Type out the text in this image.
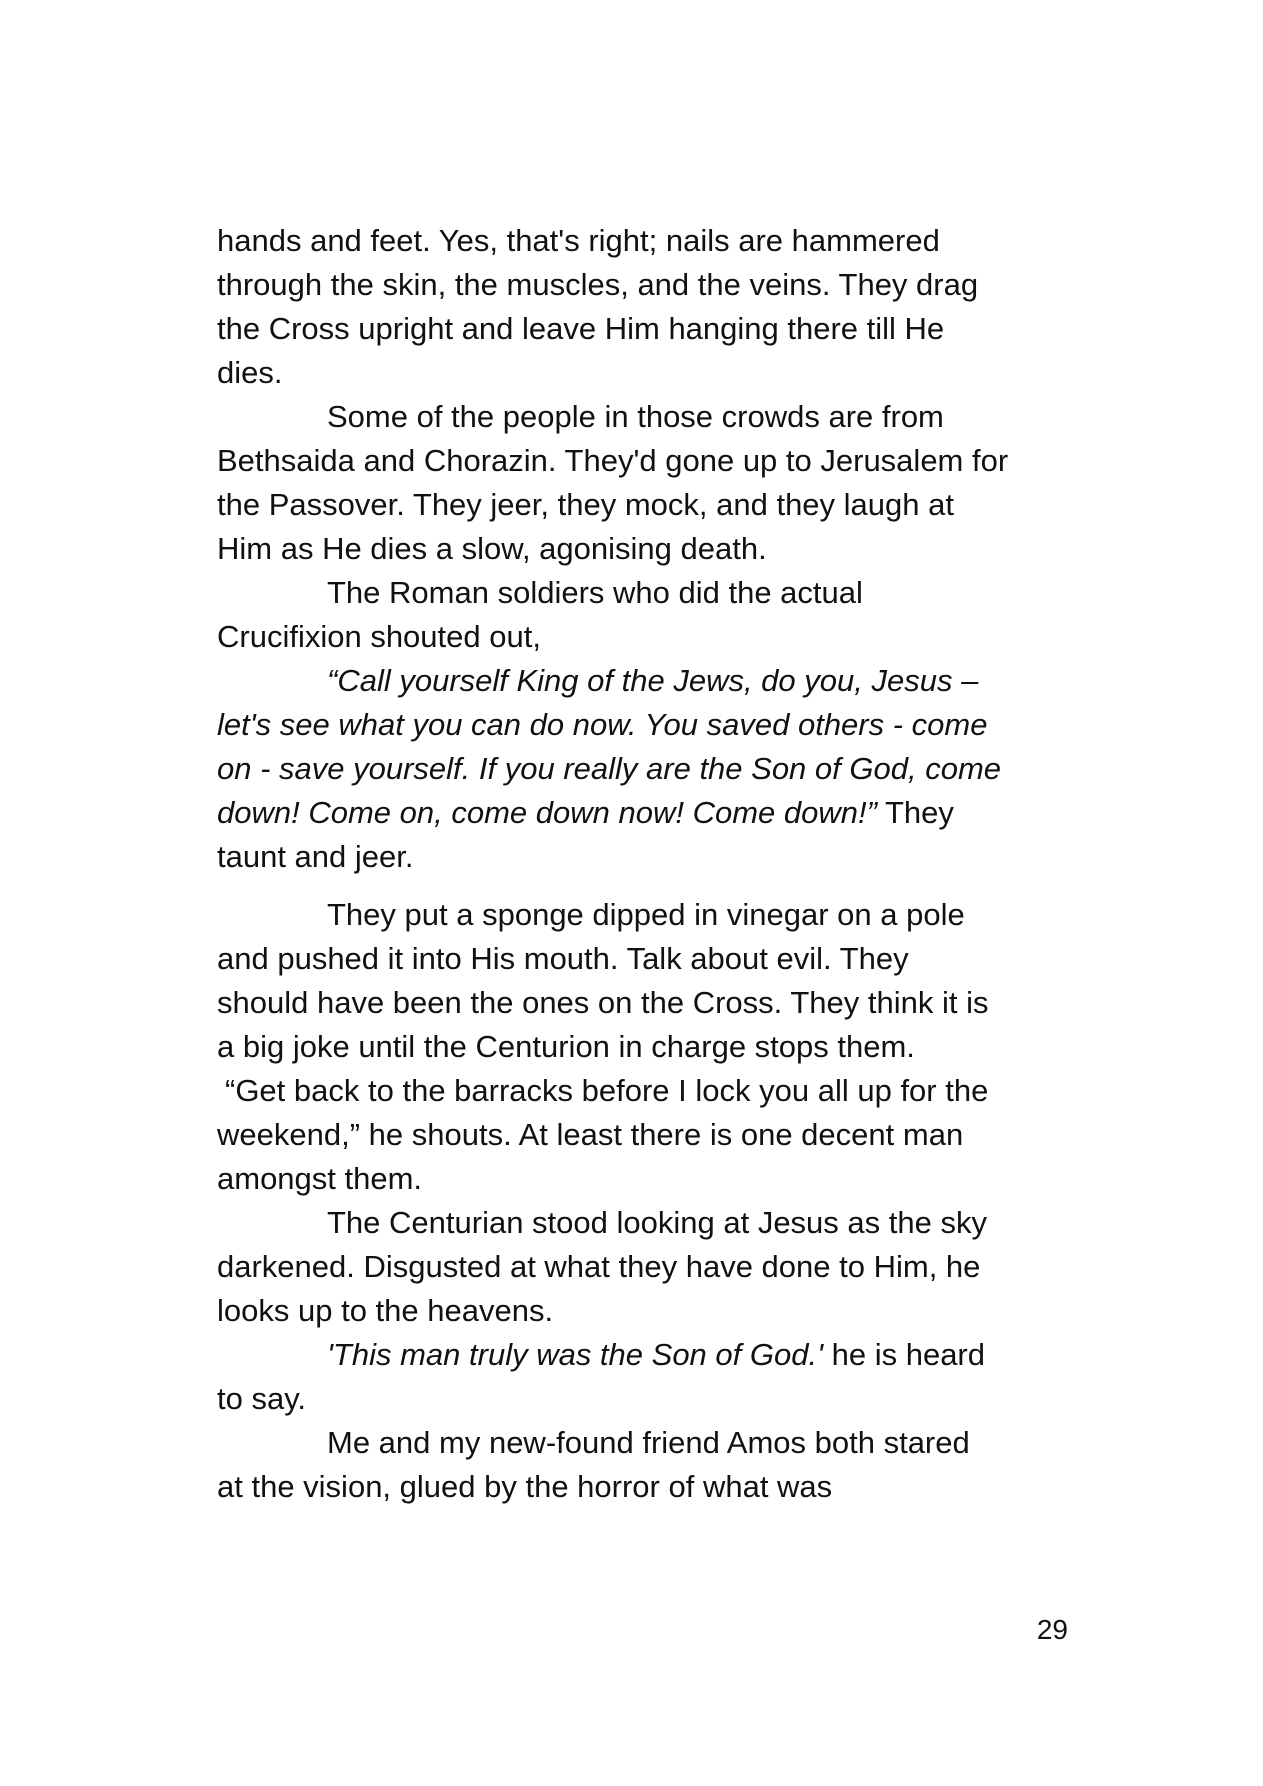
hands and feet. Yes, that's right; nails are hammered
through the skin, the muscles, and the veins. They drag
the Cross upright and leave Him hanging there till He
dies.
Some of the people in those crowds are from
Bethsaida and Chorazin. They'd gone up to Jerusalem for
the Passover. They jeer, they mock, and they laugh at
Him as He dies a slow, agonising death.
The Roman soldiers who did the actual
Crucifixion shouted out,
“Call yourself King of the Jews, do you, Jesus –
let's see what you can do now. You saved others - come
on - save yourself. If you really are the Son of God, come
down! Come on, come down now! Come down!” They
taunt and jeer.
They put a sponge dipped in vinegar on a pole
and pushed it into His mouth. Talk about evil. They
should have been the ones on the Cross. They think it is
a big joke until the Centurion in charge stops them.
“Get back to the barracks before I lock you all up for the
weekend,” he shouts. At least there is one decent man
amongst them.
The Centurian stood looking at Jesus as the sky
darkened. Disgusted at what they have done to Him, he
looks up to the heavens.
'This man truly was the Son of God.' he is heard
to say.
Me and my new-found friend Amos both stared
at the vision, glued by the horror of what was
29
